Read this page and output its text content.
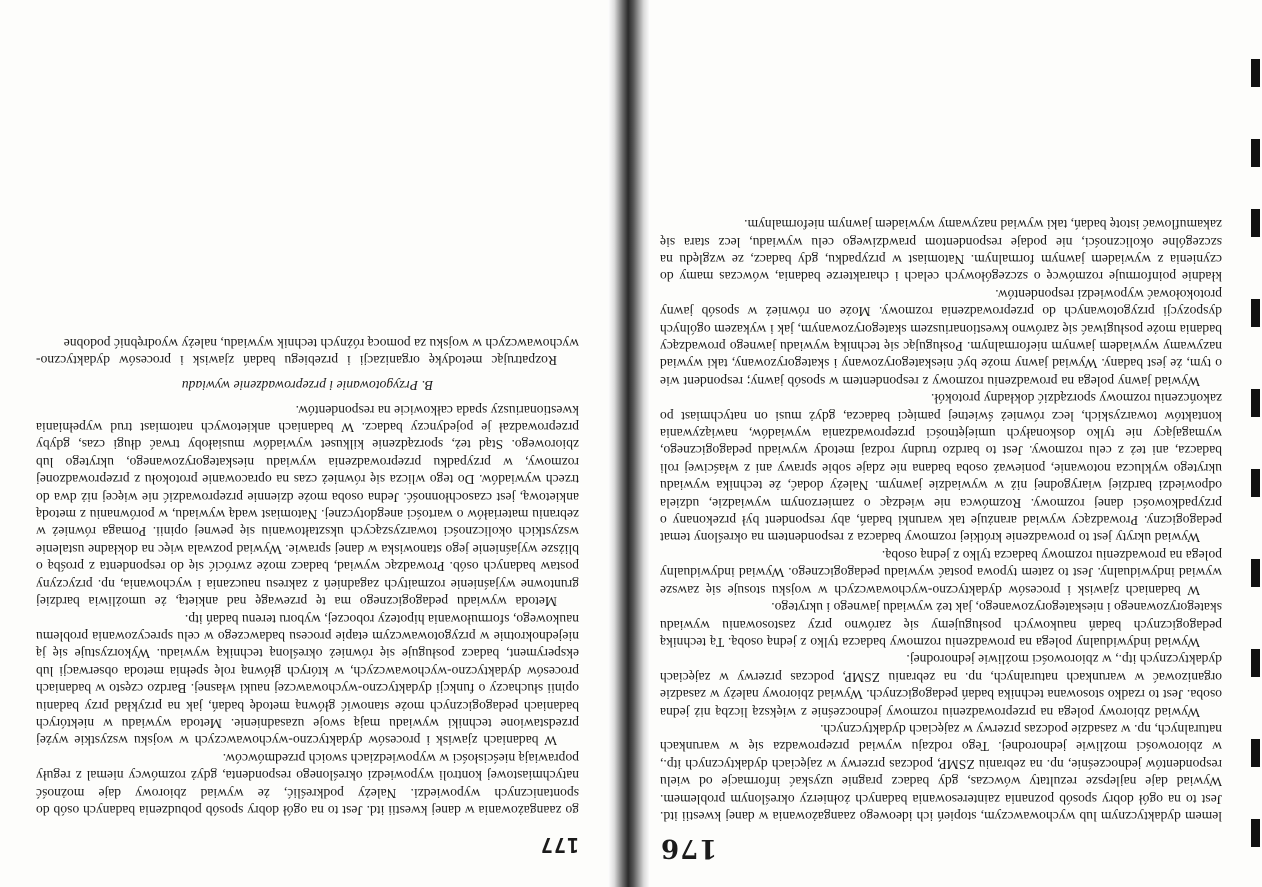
177

go zaangażowania w danej kwestii itd. Jest to na ogół dobry sposób pobudzenia badanych osób do spontanicznych wypowiedzi. Należy podkreślić, że wywiad zbiorowy daje możność natychmiastowej kontroli wypowiedzi określonego respondenta, gdyż rozmówcy niemal z reguły poprawiają nieścisłości w wypowiedziach swoich przedmówców.

W badaniach zjawisk i procesów dydaktyczno-wychowawczych w wojsku wszystkie wyżej przedstawione techniki wywiadu mają swoje uzasadnienie. Metoda wywiadu w niektórych badaniach pedagogicznych może stanowić główną metodę badań, jak na przykład przy badaniu opinii słuchaczy o funkcji dydaktyczno-wychowawczej nauki własnej. Bardzo często w badaniach procesów dydaktyczno-wychowawczych, w których główną rolę spełnia metoda obserwacji lub eksperyment, badacz posługuje się również określoną techniką wywiadu. Wykorzystuje się ją niejednokrotnie w przygotowawczym etapie procesu badawczego w celu sprecyzowania problemu naukowego, sformułowania hipotezy roboczej, wyboru terenu badań itp.

Metoda wywiadu pedagogicznego ma tę przewagę nad ankietą, że umożliwia bardziej gruntowne wyjaśnienie rozmaitych zagadnień z zakresu nauczania i wychowania, np. przyczyny postaw badanych osób. Prowadząc wywiad, badacz może zwrócić się do respondenta z prośbą o bliższe wyjaśnienie jego stanowiska w danej sprawie. Wywiad pozwala więc na dokładne ustalenie wszystkich okoliczności towarzyszących ukształtowaniu się pewnej opinii. Pomaga również w zebraniu materiałów o wartości anegdotycznej. Natomiast wadą wywiadu, w porównaniu z metodą ankietową, jest czasochłonność. Jedna osoba może dziennie przeprowadzić nie więcej niż dwa do trzech wywiadów. Do tego wlicza się również czas na opracowanie protokołu z przeprowadzonej rozmowy, w przypadku przeprowadzenia wywiadu nieskategoryzowanego, ukrytego lub zbiorowego. Stąd też, sporządzenie kilkuset wywiadów musiałoby trwać długi czas, gdyby przeprowadzał je pojedynczy badacz. W badaniach ankietowych natomiast trud wypełniania kwestionariuszy spada całkowicie na respondentów.

B. Przygotowanie i przeprowadzenie wywiadu

Rozpatrując metodykę organizacji i przebiegu badań zjawisk i procesów dydaktyczno-wychowawczych w wojsku za pomocą różnych technik wywiadu, należy wyodrębnić podobne

176

lemem dydaktycznym lub wychowawczym, stopień ich ideowego zaangażowania w danej kwestii itd. Jest to na ogół dobry sposób poznania zainteresowania badanych żołnierzy określonym problemem. Wywiad daje najlepsze rezultaty wówczas, gdy badacz pragnie uzyskać informacje od wielu respondentów jednocześnie, np. na zebraniu ZSMP, podczas przerwy w zajęciach dydaktycznych itp., w zbiorowości możliwie jednorodnej. Tego rodzaju wywiad przeprowadza się w warunkach naturalnych, np. w zasadzie podczas przerwy w zajęciach dydaktycznych.

Wywiad zbiorowy polega na przeprowadzeniu rozmowy jednocześnie z większą liczbą niż jedna osoba. Jest to rzadko stosowana technika badań pedagogicznych. Wywiad zbiorowy należy w zasadzie organizować w warunkach naturalnych, np. na zebraniu ZSMP, podczas przerwy w zajęciach dydaktycznych itp., w zbiorowości możliwie jednorodnej.

Wywiad indywidualny polega na prowadzeniu rozmowy badacza tylko z jedną osobą. Tą techniką pedagogicznych badań naukowych posługujemy się zarówno przy zastosowaniu wywiadu skategoryzowanego i nieskategoryzowanego, jak też wywiadu jawnego i ukrytego.

W badaniach zjawisk i procesów dydaktyczno-wychowawczych w wojsku stosuje się zawsze wywiad indywidualny. Jest to zatem typowa postać wywiadu pedagogicznego. Wywiad indywidualny polega na prowadzeniu rozmowy badacza tylko z jedną osobą.

Wywiad ukryty jest to prowadzenie krótkiej rozmowy badacza z respondentem na określony temat pedagogiczny. Prowadzący wywiad aranżuje tak warunki badań, aby respondent był przekonany o przypadkowości danej rozmowy. Rozmówca nie wiedząc o zamierzonym wywiadzie, udziela odpowiedzi bardziej wiarygodnej niż w wywiadzie jawnym. Należy dodać, że technika wywiadu ukrytego wyklucza notowanie, ponieważ osoba badana nie zdaje sobie sprawy ani z właściwej roli badacza, ani też z celu rozmowy. Jest to bardzo trudny rodzaj metody wywiadu pedagogicznego, wymagający nie tylko doskonałych umiejętności przeprowadzania wywiadów, nawiązywania kontaktów towarzyskich, lecz również świetnej pamięci badacza, gdyż musi on natychmiast po zakończeniu rozmowy sporządzić dokładny protokół.

Wywiad jawny polega na prowadzeniu rozmowy z respondentem w sposób jawny; respondent wie o tym, że jest badany. Wywiad jawny może być nieskategoryzowany i skategoryzowany, taki wywiad nazywamy wywiadem jawnym nieformalnym. Posługując się techniką wywiadu jawnego prowadzący badania może posługiwać się zarówno kwestionariuszem skategoryzowanym, jak i wykazem ogólnych dyspozycji przygotowanych do przeprowadzenia rozmowy. Może on również w sposób jawny protokołować wypowiedzi respondentów.

kładnie poinformuje rozmówcę o szczegółowych celach i charakterze badania, wówczas mamy do czynienia z wywiadem jawnym formalnym. Natomiast w przypadku, gdy badacz, ze względu na szczególne okoliczności, nie podaje respondentom prawdziwego celu wywiadu, lecz stara się zakamuflować istotę badań, taki wywiad nazywamy wywiadem jawnym nieformalnym.
